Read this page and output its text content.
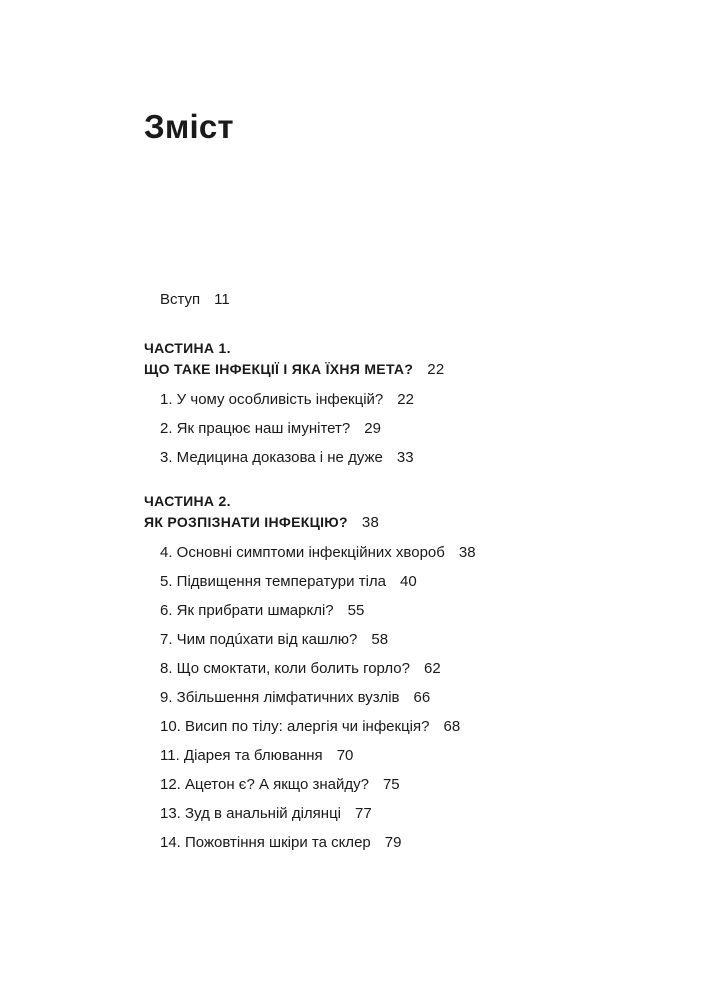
Зміст
Вступ 11
ЧАСТИНА 1.
ЩО ТАКЕ ІНФЕКЦІЇ І ЯКА ЇХНЯ МЕТА? 22
1. У чому особливість інфекцій? 22
2. Як працює наш імунітет? 29
3. Медицина доказова і не дуже 33
ЧАСТИНА 2.
ЯК РОЗПІЗНАТИ ІНФЕКЦІЮ? 38
4. Основні симптоми інфекційних хвороб 38
5. Підвищення температури тіла 40
6. Як прибрати шмарклі? 55
7. Чим подúхати від кашлю? 58
8. Що смоктати, коли болить горло? 62
9. Збільшення лімфатичних вузлів 66
10. Висип по тілу: алергія чи інфекція? 68
11. Діарея та блювання 70
12. Ацетон є? А якщо знайду? 75
13. Зуд в анальній ділянці 77
14. Пожовтіння шкіри та склер 79
